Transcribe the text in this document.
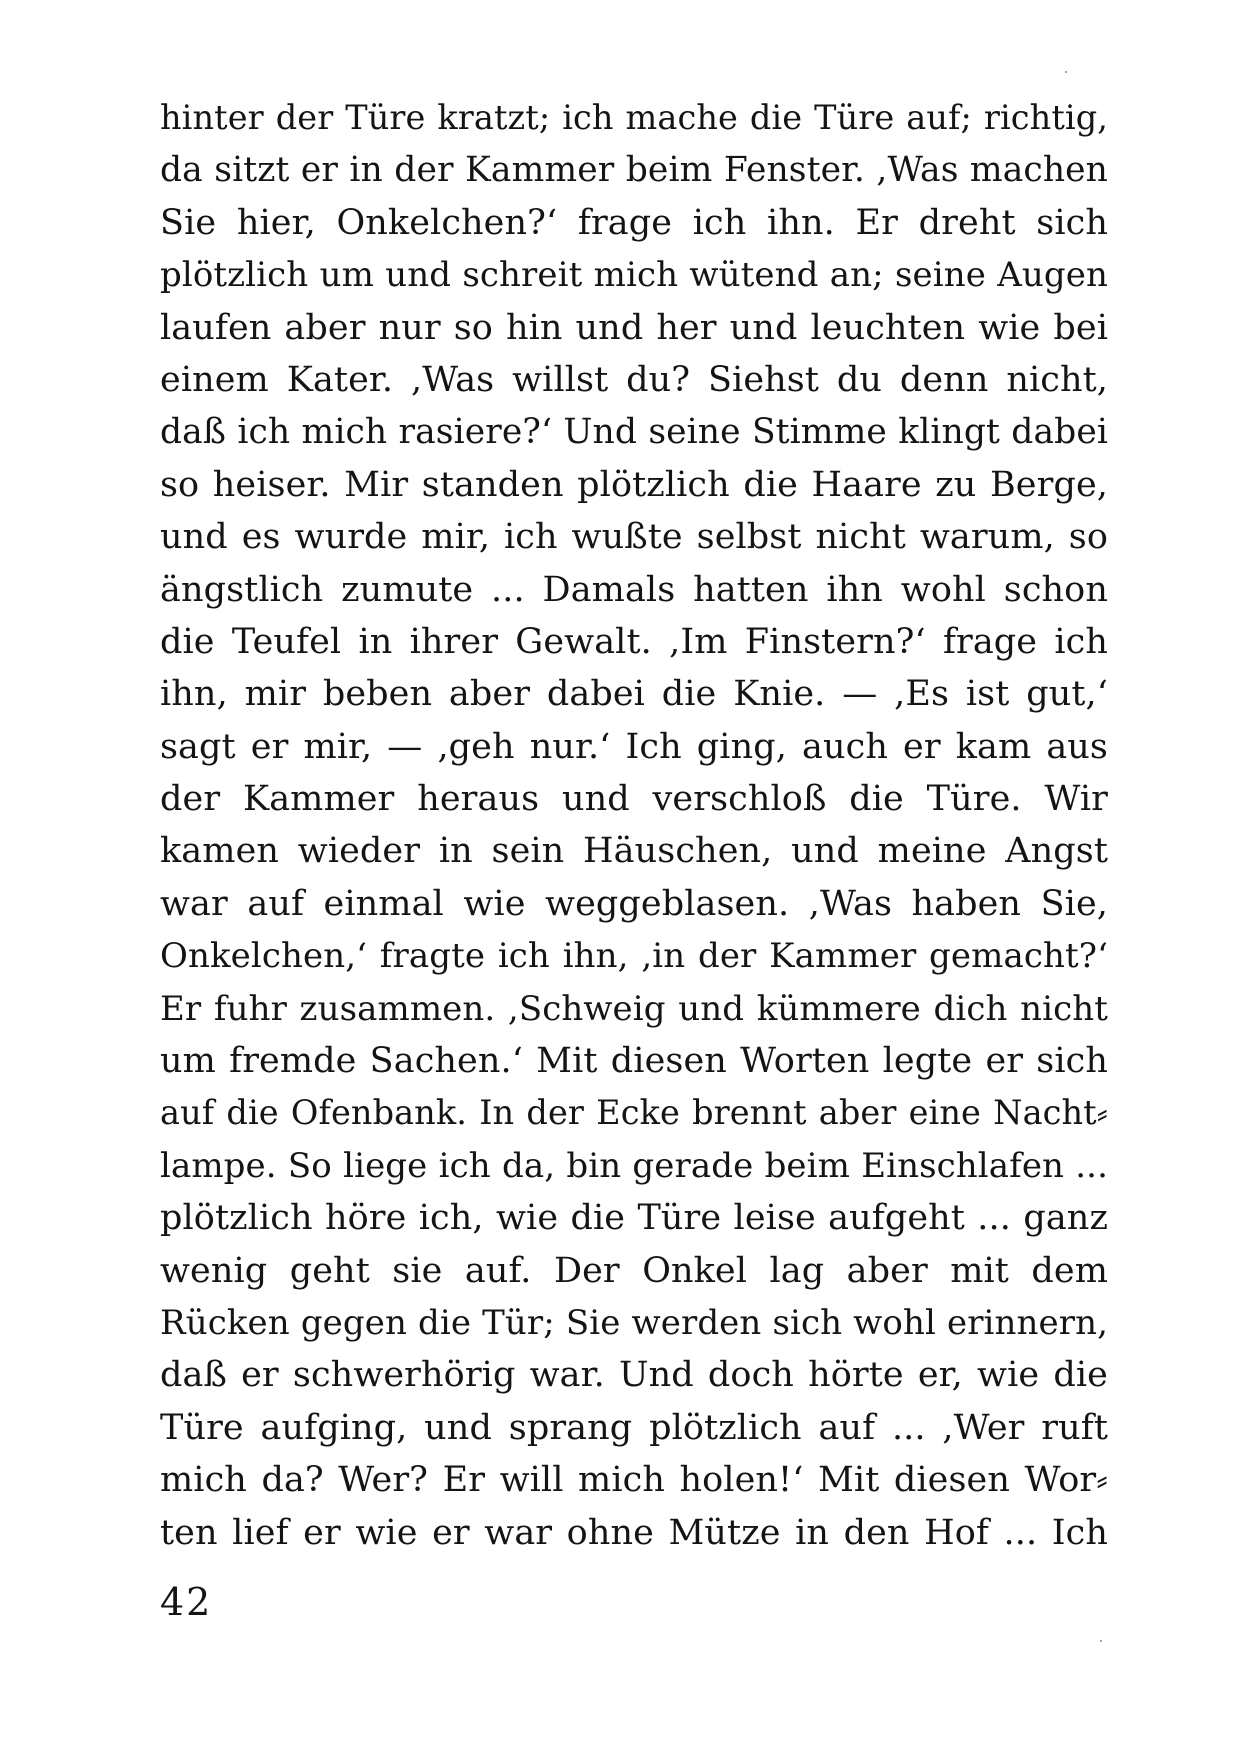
hinter der Türe kratzt; ich mache die Türe auf; richtig,
da sitzt er in der Kammer beim Fenster. ,Was machen
Sie hier, Onkelchen?‘ frage ich ihn. Er dreht sich
plötzlich um und schreit mich wütend an; seine Augen
laufen aber nur so hin und her und leuchten wie bei
einem Kater. ,Was willst du? Siehst du denn nicht,
daß ich mich rasiere?‘ Und seine Stimme klingt dabei
so heiser. Mir standen plötzlich die Haare zu Berge,
und es wurde mir, ich wußte selbst nicht warum, so
ängstlich zumute ... Damals hatten ihn wohl schon
die Teufel in ihrer Gewalt. ,Im Finstern?‘ frage ich
ihn, mir beben aber dabei die Knie. — ,Es ist gut,‘
sagt er mir, — ,geh nur.‘ Ich ging, auch er kam aus
der Kammer heraus und verschloß die Türe. Wir
kamen wieder in sein Häuschen, und meine Angst
war auf einmal wie weggeblasen. ,Was haben Sie,
Onkelchen,‘ fragte ich ihn, ,in der Kammer gemacht?‘
Er fuhr zusammen. ,Schweig und kümmere dich nicht
um fremde Sachen.‘ Mit diesen Worten legte er sich
auf die Ofenbank. In der Ecke brennt aber eine Nacht⸗
lampe. So liege ich da, bin gerade beim Einschlafen ...
plötzlich höre ich, wie die Türe leise aufgeht ... ganz
wenig geht sie auf. Der Onkel lag aber mit dem
Rücken gegen die Tür; Sie werden sich wohl erinnern,
daß er schwerhörig war. Und doch hörte er, wie die
Türe aufging, und sprang plötzlich auf ... ,Wer ruft
mich da? Wer? Er will mich holen!‘ Mit diesen Wor⸗
ten lief er wie er war ohne Mütze in den Hof ... Ich
42
